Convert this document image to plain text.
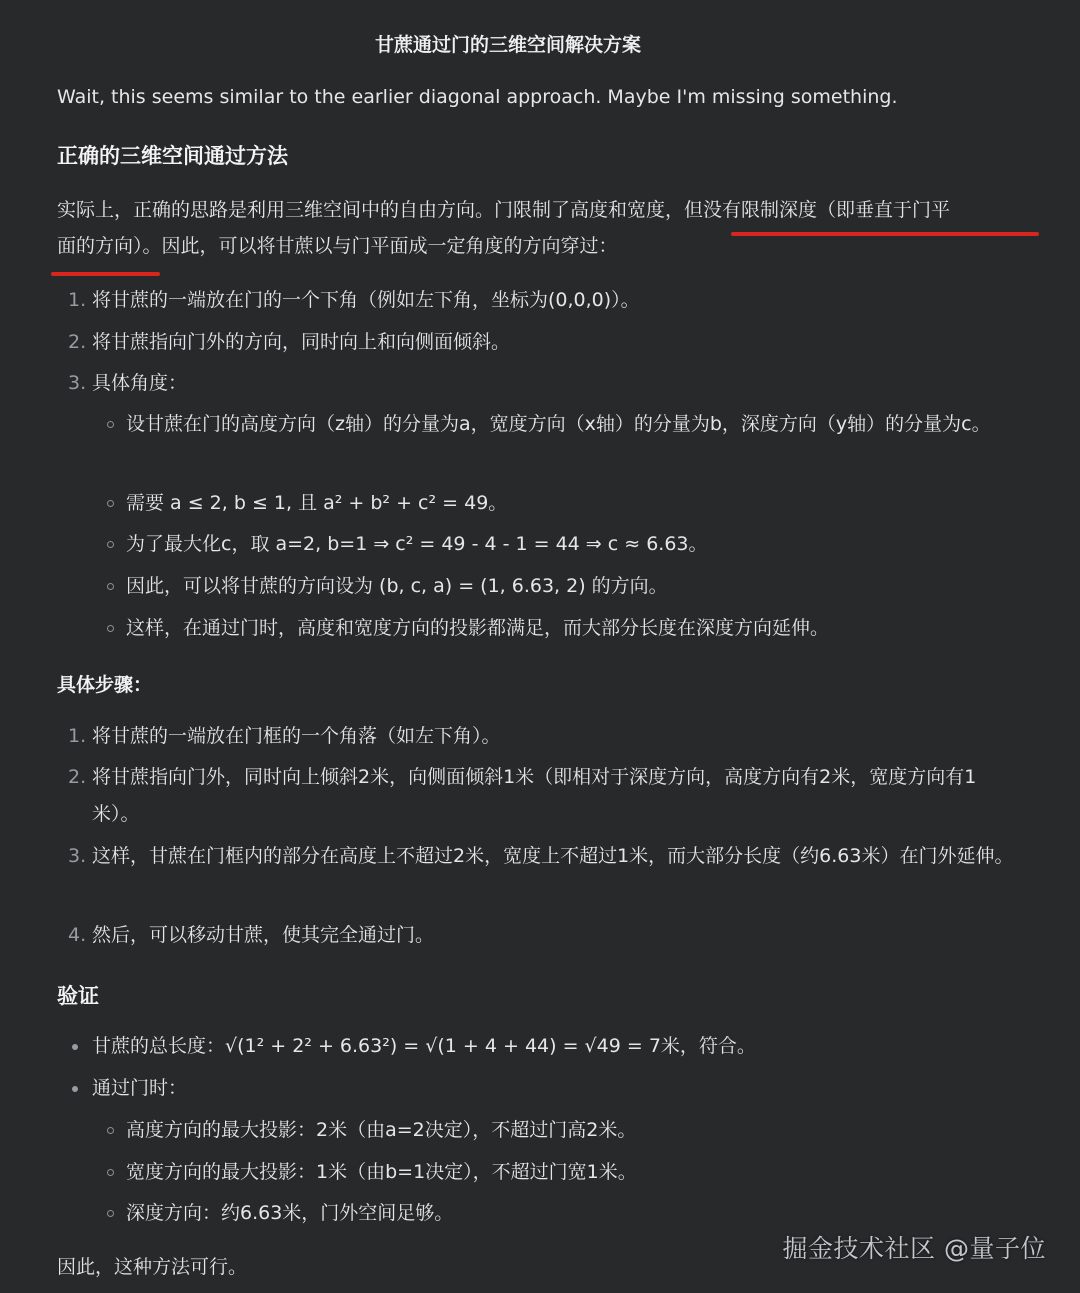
甘蔗通过门的三维空间解决方案
Wait, this seems similar to the earlier diagonal approach. Maybe I'm missing something.
正确的三维空间通过方法
实际上，正确的思路是利用三维空间中的自由方向。门限制了高度和宽度，但没有限制深度（即垂直于门平
面的方向）。因此，可以将甘蔗以与门平面成一定角度的方向穿过：
1. 将甘蔗的一端放在门的一个下角（例如左下角，坐标为(0,0,0)）。
2. 将甘蔗指向门外的方向，同时向上和向侧面倾斜。
3. 具体角度：
设甘蔗在门的高度方向（z轴）的分量为a，宽度方向（x轴）的分量为b，深度方向（y轴）的分量为c。
需要 a ≤ 2, b ≤ 1, 且 a² + b² + c² = 49。
为了最大化c，取 a=2, b=1 ⇒ c² = 49 - 4 - 1 = 44 ⇒ c ≈ 6.63。
因此，可以将甘蔗的方向设为 (b, c, a) = (1, 6.63, 2) 的方向。
这样，在通过门时，高度和宽度方向的投影都满足，而大部分长度在深度方向延伸。
具体步骤：
1. 将甘蔗的一端放在门框的一个角落（如左下角）。
2. 将甘蔗指向门外，同时向上倾斜2米，向侧面倾斜1米（即相对于深度方向，高度方向有2米，宽度方向有1米）。
3. 这样，甘蔗在门框内的部分在高度上不超过2米，宽度上不超过1米，而大部分长度（约6.63米）在门外延伸。
4. 然后，可以移动甘蔗，使其完全通过门。
验证
甘蔗的总长度：√(1² + 2² + 6.63²) = √(1 + 4 + 44) = √49 = 7米，符合。
通过门时：
高度方向的最大投影：2米（由a=2决定），不超过门高2米。
宽度方向的最大投影：1米（由b=1决定），不超过门宽1米。
深度方向：约6.63米，门外空间足够。
因此，这种方法可行。
掘金技术社区 @量子位
